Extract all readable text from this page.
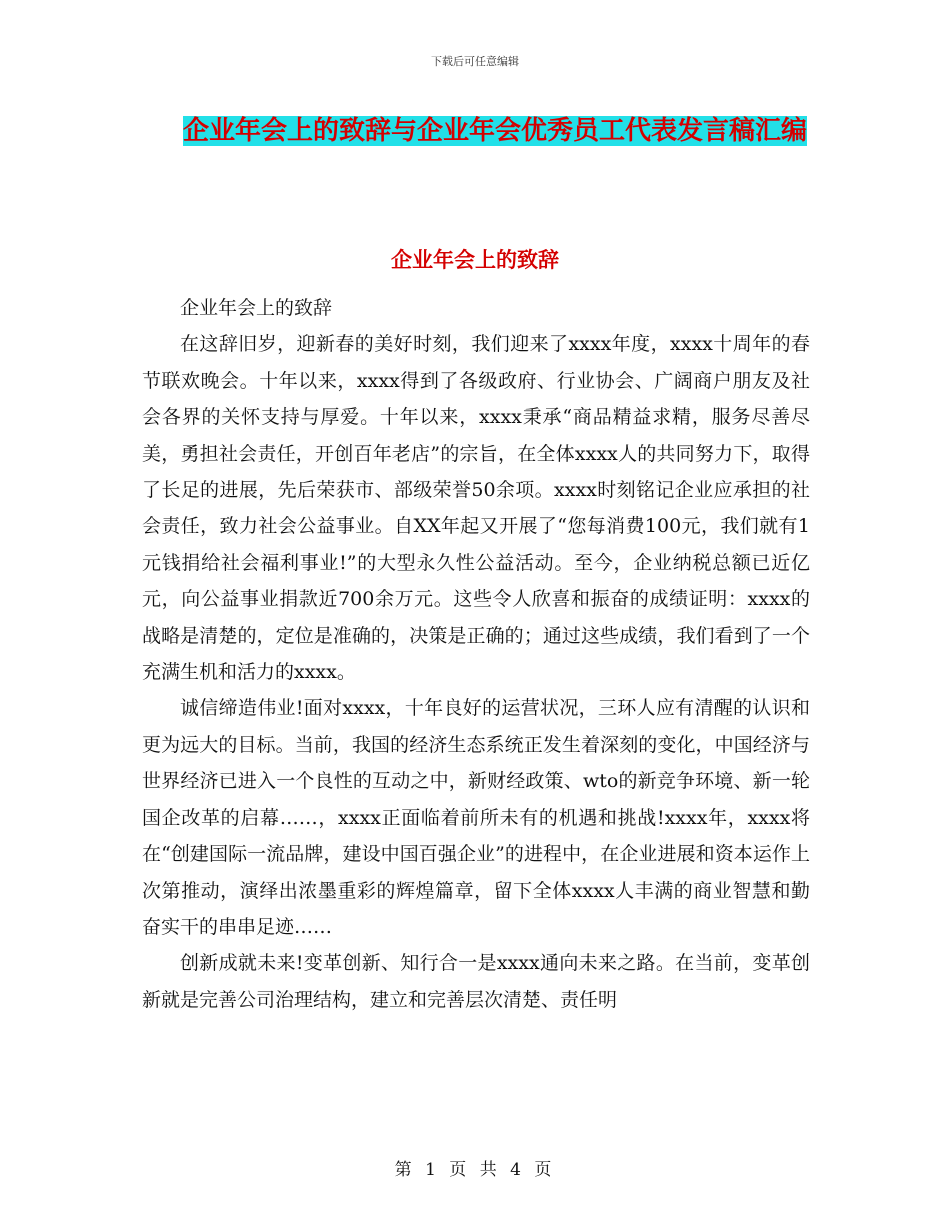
下载后可任意编辑
企业年会上的致辞与企业年会优秀员工代表发言稿汇编
企业年会上的致辞

企业年会上的致辞

在这辞旧岁，迎新春的美好时刻，我们迎来了xxxx年度，xxxx十周年的春节联欢晚会。十年以来，xxxx得到了各级政府、行业协会、广阔商户朋友及社会各界的关怀支持与厚爱。十年以来，xxxx秉承“商品精益求精，服务尽善尽美，勇担社会责任，开创百年老店”的宗旨，在全体xxxx人的共同努力下，取得了长足的进展，先后荣获市、部级荣誉50余项。xxxx时刻铭记企业应承担的社会责任，致力社会公益事业。自XX年起又开展了“您每消费100元，我们就有1元钱捐给社会福利事业!”的大型永久性公益活动。至今，企业纳税总额已近亿元，向公益事业捐款近700余万元。这些令人欣喜和振奋的成绩证明：xxxx的战略是清楚的，定位是准确的，决策是正确的；通过这些成绩，我们看到了一个充满生机和活力的xxxx。

诚信缔造伟业!面对xxxx，十年良好的运营状况，三环人应有清醒的认识和更为远大的目标。当前，我国的经济生态系统正发生着深刻的变化，中国经济与世界经济已进入一个良性的互动之中，新财经政策、wto的新竞争环境、新一轮国企改革的启幕……，xxxx正面临着前所未有的机遇和挑战!xxxx年，xxxx将在“创建国际一流品牌，建设中国百强企业”的进程中，在企业进展和资本运作上次第推动，演绎出浓墨重彩的辉煌篇章，留下全体xxxx人丰满的商业智慧和勤奋实干的串串足迹……

创新成就未来!变革创新、知行合一是xxxx通向未来之路。在当前，变革创新就是完善公司治理结构，建立和完善层次清楚、责任明

第 1 页 共 4 页
